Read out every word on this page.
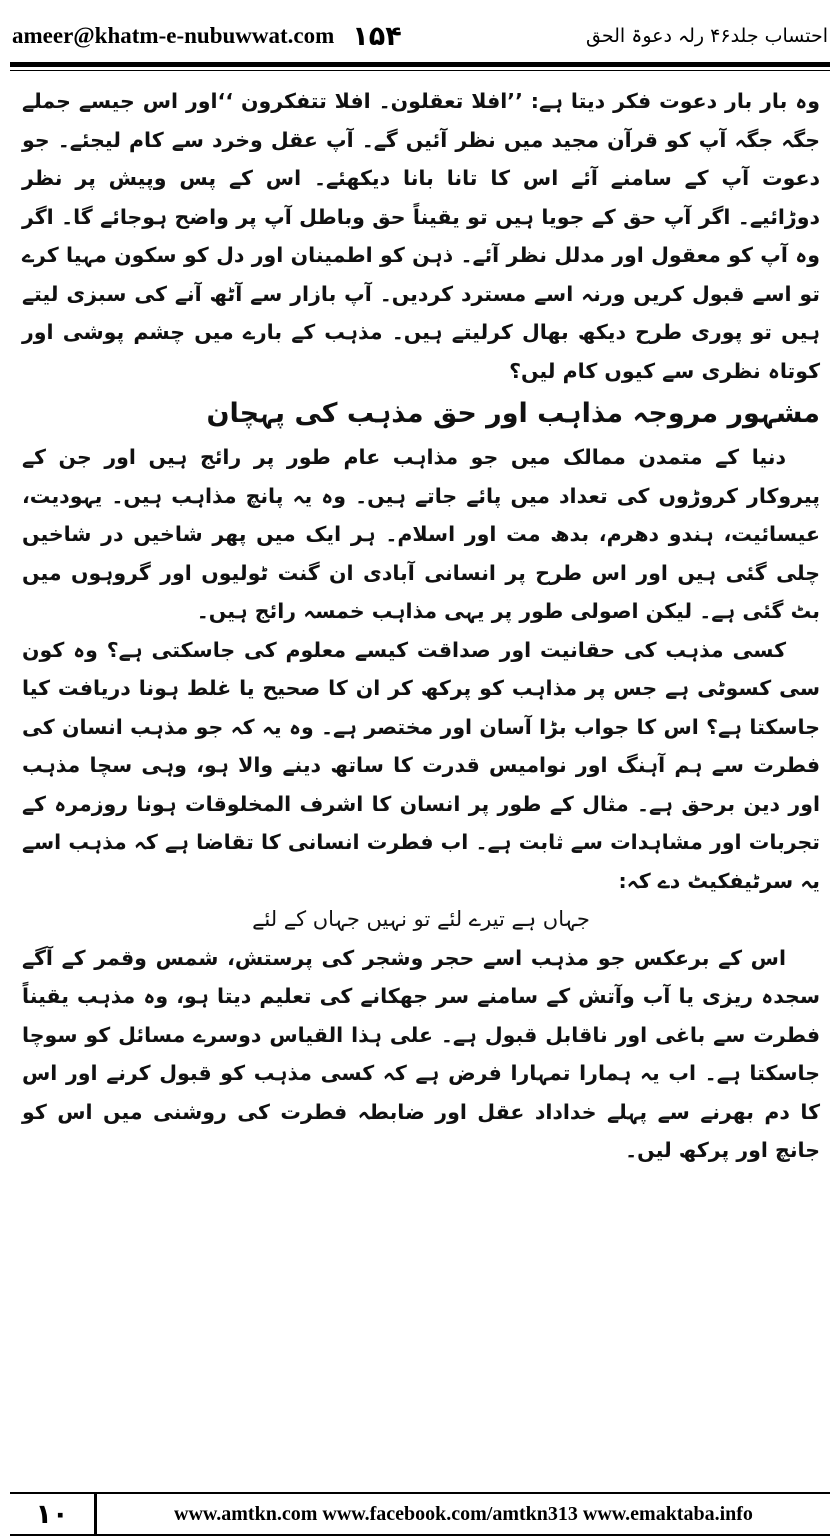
ameer@khatm-e-nubuwwat.com ۱۵۴	احتساب جلد۴۶ رلہ دعوۃ الحق

وہ بار بار دعوت فکر دیتا ہے: ’’افلا تعقلون۔ افلا تتفکرون ‘‘اور اس جیسے جملے جگہ جگہ آپ کو قرآن مجید میں نظر آئیں گے۔ آپ عقل وخرد سے کام لیجئے۔ جو دعوت آپ کے سامنے آئے اس کا تانا بانا دیکھئے۔ اس کے پس وپیش پر نظر دوڑائیے۔ اگر آپ حق کے جویا ہیں تو یقیناً حق وباطل آپ پر واضح ہوجائے گا۔ اگر وہ آپ کو معقول اور مدلل نظر آئے۔ ذہن کو اطمینان اور دل کو سکون مہیا کرے تو اسے قبول کریں ورنہ اسے مسترد کردیں۔ آپ بازار سے آٹھ آنے کی سبزی لیتے ہیں تو پوری طرح دیکھ بھال کرلیتے ہیں۔ مذہب کے بارے میں چشم پوشی اور کوتاہ نظری سے کیوں کام لیں؟

مشہور مروجہ مذاہب اور حق مذہب کی پہچان

دنیا کے متمدن ممالک میں جو مذاہب عام طور پر رائج ہیں اور جن کے پیروکار کروڑوں کی تعداد میں پائے جاتے ہیں۔ وہ یہ پانچ مذاہب ہیں۔ یہودیت، عیسائیت، ہندو دھرم، بدھ مت اور اسلام۔ ہر ایک میں پھر شاخیں در شاخیں چلی گئی ہیں اور اس طرح پر انسانی آبادی ان گنت ٹولیوں اور گروہوں میں بٹ گئی ہے۔ لیکن اصولی طور پر یہی مذاہب خمسہ رائج ہیں۔

کسی مذہب کی حقانیت اور صداقت کیسے معلوم کی جاسکتی ہے؟ وہ کون سی کسوٹی ہے جس پر مذاہب کو پرکھ کر ان کا صحیح یا غلط ہونا دریافت کیا جاسکتا ہے؟ اس کا جواب بڑا آسان اور مختصر ہے۔ وہ یہ کہ جو مذہب انسان کی فطرت سے ہم آہنگ اور نوامیس قدرت کا ساتھ دینے والا ہو، وہی سچا مذہب اور دین برحق ہے۔ مثال کے طور پر انسان کا اشرف المخلوقات ہونا روزمرہ کے تجربات اور مشاہدات سے ثابت ہے۔ اب فطرت انسانی کا تقاضا ہے کہ مذہب اسے یہ سرٹیفکیٹ دے کہ:

جہاں ہے تیرے لئے تو نہیں جہاں کے لئے

اس کے برعکس جو مذہب اسے حجر وشجر کی پرستش، شمس وقمر کے آگے سجدہ ریزی یا آب وآتش کے سامنے سر جھکانے کی تعلیم دیتا ہو، وہ مذہب یقیناً فطرت سے باغی اور ناقابل قبول ہے۔ علی ہذا القیاس دوسرے مسائل کو سوچا جاسکتا ہے۔ اب یہ ہمارا تمہارا فرض ہے کہ کسی مذہب کو قبول کرنے اور اس کا دم بھرنے سے پہلے خداداد عقل اور ضابطہ فطرت کی روشنی میں اس کو جانچ اور پرکھ لیں۔

۱۰	www.amtkn.com www.facebook.com/amtkn313 www.emaktaba.info
